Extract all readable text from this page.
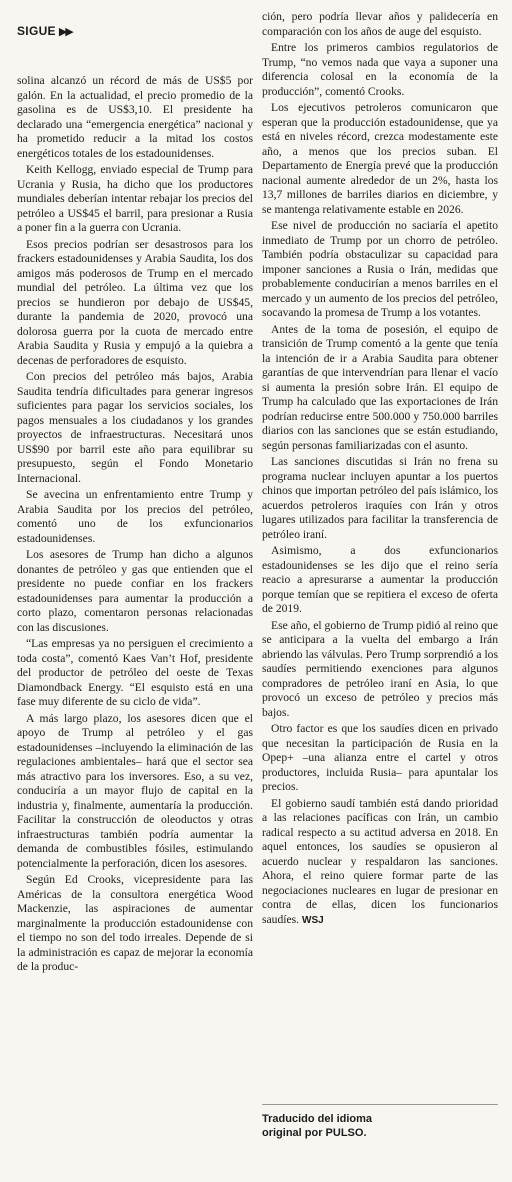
SIGUE ▶▶

solina alcanzó un récord de más de US$5 por galón. En la actualidad, el precio promedio de la gasolina es de US$3,10. El presidente ha declarado una “emergencia energética” nacional y ha prometido reducir a la mitad los costos energéticos totales de los estadounidenses.

Keith Kellogg, enviado especial de Trump para Ucrania y Rusia, ha dicho que los productores mundiales deberían intentar rebajar los precios del petróleo a US$45 el barril, para presionar a Rusia a poner fin a la guerra con Ucrania.

Esos precios podrían ser desastrosos para los frackers estadounidenses y Arabia Saudita, los dos amigos más poderosos de Trump en el mercado mundial del petróleo. La última vez que los precios se hundieron por debajo de US$45, durante la pandemia de 2020, provocó una dolorosa guerra por la cuota de mercado entre Arabia Saudita y Rusia y empujó a la quiebra a decenas de perforadores de esquisto.

Con precios del petróleo más bajos, Arabia Saudita tendría dificultades para generar ingresos suficientes para pagar los servicios sociales, los pagos mensuales a los ciudadanos y los grandes proyectos de infraestructuras. Necesitará unos US$90 por barril este año para equilibrar su presupuesto, según el Fondo Monetario Internacional.

Se avecina un enfrentamiento entre Trump y Arabia Saudita por los precios del petróleo, comentó uno de los exfuncionarios estadounidenses.

Los asesores de Trump han dicho a algunos donantes de petróleo y gas que entienden que el presidente no puede confiar en los frackers estadounidenses para aumentar la producción a corto plazo, comentaron personas relacionadas con las discusiones.

“Las empresas ya no persiguen el crecimiento a toda costa”, comentó Kaes Van’t Hof, presidente del productor de petróleo del oeste de Texas Diamondback Energy. “El esquisto está en una fase muy diferente de su ciclo de vida”.

A más largo plazo, los asesores dicen que el apoyo de Trump al petróleo y el gas estadounidenses –incluyendo la eliminación de las regulaciones ambientales– hará que el sector sea más atractivo para los inversores. Eso, a su vez, conduciría a un mayor flujo de capital en la industria y, finalmente, aumentaría la producción. Facilitar la construcción de oleoductos y otras infraestructuras también podría aumentar la demanda de combustibles fósiles, estimulando potencialmente la perforación, dicen los asesores.

Según Ed Crooks, vicepresidente para las Américas de la consultora energética Wood Mackenzie, las aspiraciones de aumentar marginalmente la producción estadounidense con el tiempo no son del todo irreales. Depende de si la administración es capaz de mejorar la economía de la produc-

ción, pero podría llevar años y palidecería en comparación con los años de auge del esquisto.

Entre los primeros cambios regulatorios de Trump, “no vemos nada que vaya a suponer una diferencia colosal en la economía de la producción”, comentó Crooks.

Los ejecutivos petroleros comunicaron que esperan que la producción estadounidense, que ya está en niveles récord, crezca modestamente este año, a menos que los precios suban. El Departamento de Energía prevé que la producción nacional aumente alrededor de un 2%, hasta los 13,7 millones de barriles diarios en diciembre, y se mantenga relativamente estable en 2026.

Ese nivel de producción no saciaría el apetito inmediato de Trump por un chorro de petróleo. También podría obstaculizar su capacidad para imponer sanciones a Rusia o Irán, medidas que probablemente conducirían a menos barriles en el mercado y un aumento de los precios del petróleo, socavando la promesa de Trump a los votantes.

Antes de la toma de posesión, el equipo de transición de Trump comentó a la gente que tenía la intención de ir a Arabia Saudita para obtener garantías de que intervendrían para llenar el vacío si aumenta la presión sobre Irán. El equipo de Trump ha calculado que las exportaciones de Irán podrían reducirse entre 500.000 y 750.000 barriles diarios con las sanciones que se están estudiando, según personas familiarizadas con el asunto.

Las sanciones discutidas si Irán no frena su programa nuclear incluyen apuntar a los puertos chinos que importan petróleo del país islámico, los acuerdos petroleros iraquíes con Irán y otros lugares utilizados para facilitar la transferencia de petróleo iraní.

Asimismo, a dos exfuncionarios estadounidenses se les dijo que el reino sería reacio a apresurarse a aumentar la producción porque temían que se repitiera el exceso de oferta de 2019.

Ese año, el gobierno de Trump pidió al reino que se anticipara a la vuelta del embargo a Irán abriendo las válvulas. Pero Trump sorprendió a los saudíes permitiendo exenciones para algunos compradores de petróleo iraní en Asia, lo que provocó un exceso de petróleo y precios más bajos.

Otro factor es que los saudíes dicen en privado que necesitan la participación de Rusia en la Opep+ –una alianza entre el cartel y otros productores, incluida Rusia– para apuntalar los precios.

El gobierno saudí también está dando prioridad a las relaciones pacíficas con Irán, un cambio radical respecto a su actitud adversa en 2018. En aquel entonces, los saudíes se opusieron al acuerdo nuclear y respaldaron las sanciones. Ahora, el reino quiere formar parte de las negociaciones nucleares en lugar de presionar en contra de ellas, dicen los funcionarios saudíes. WSJ

Traducido del idioma
original por PULSO.
